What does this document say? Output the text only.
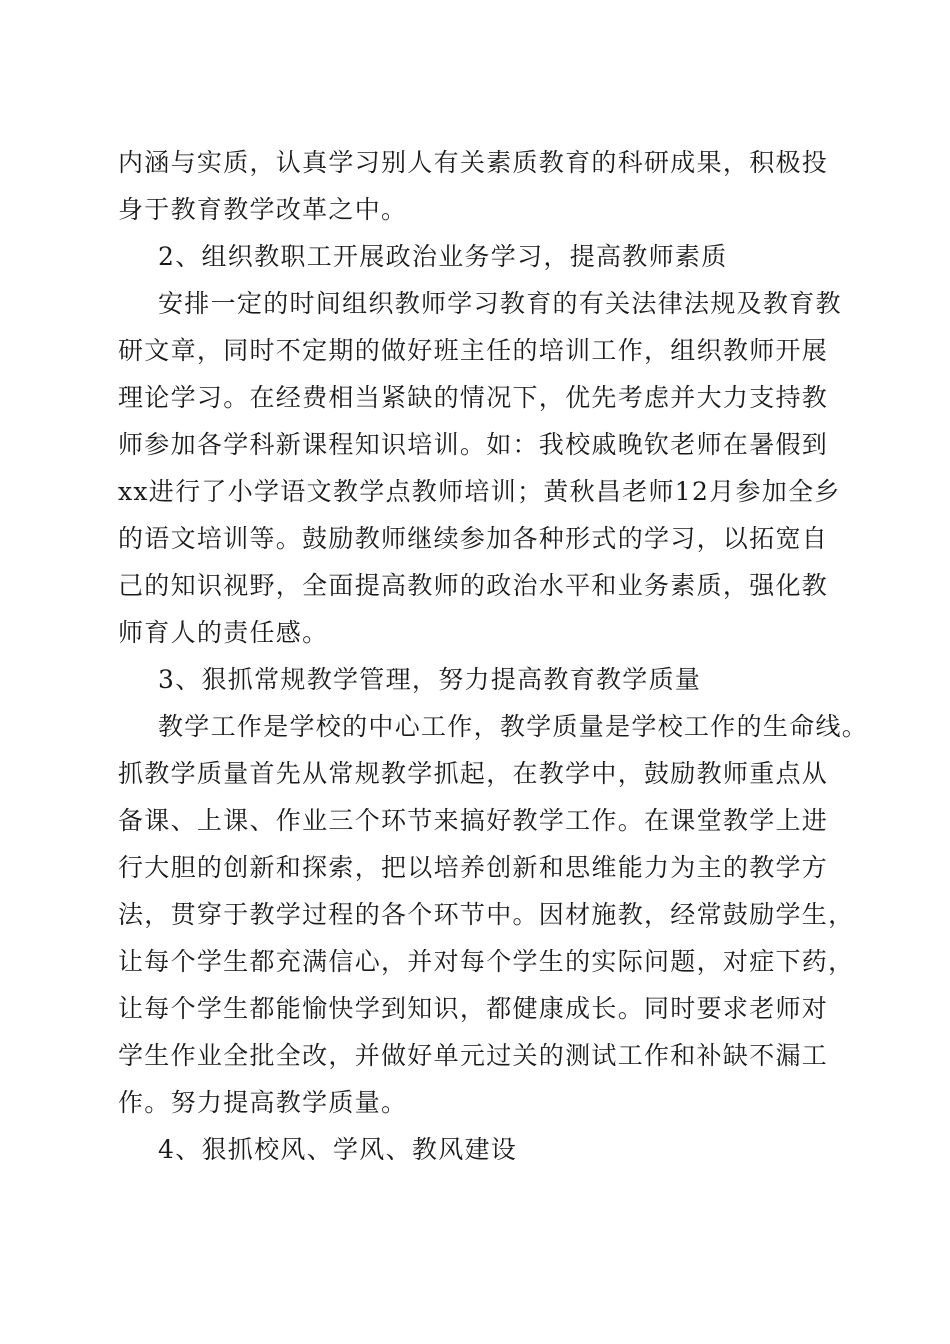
内涵与实质，认真学习别人有关素质教育的科研成果，积极投
身于教育教学改革之中。
2、组织教职工开展政治业务学习，提高教师素质
安排一定的时间组织教师学习教育的有关法律法规及教育教
研文章，同时不定期的做好班主任的培训工作，组织教师开展
理论学习。在经费相当紧缺的情况下，优先考虑并大力支持教
师参加各学科新课程知识培训。如：我校戚晚钦老师在暑假到
xx进行了小学语文教学点教师培训；黄秋昌老师12月参加全乡
的语文培训等。鼓励教师继续参加各种形式的学习，以拓宽自
己的知识视野，全面提高教师的政治水平和业务素质，强化教
师育人的责任感。
3、狠抓常规教学管理，努力提高教育教学质量
教学工作是学校的中心工作，教学质量是学校工作的生命线。
抓教学质量首先从常规教学抓起，在教学中，鼓励教师重点从
备课、上课、作业三个环节来搞好教学工作。在课堂教学上进
行大胆的创新和探索，把以培养创新和思维能力为主的教学方
法，贯穿于教学过程的各个环节中。因材施教，经常鼓励学生，
让每个学生都充满信心，并对每个学生的实际问题，对症下药，
让每个学生都能愉快学到知识，都健康成长。同时要求老师对
学生作业全批全改，并做好单元过关的测试工作和补缺不漏工
作。努力提高教学质量。
4、狠抓校风、学风、教风建设
